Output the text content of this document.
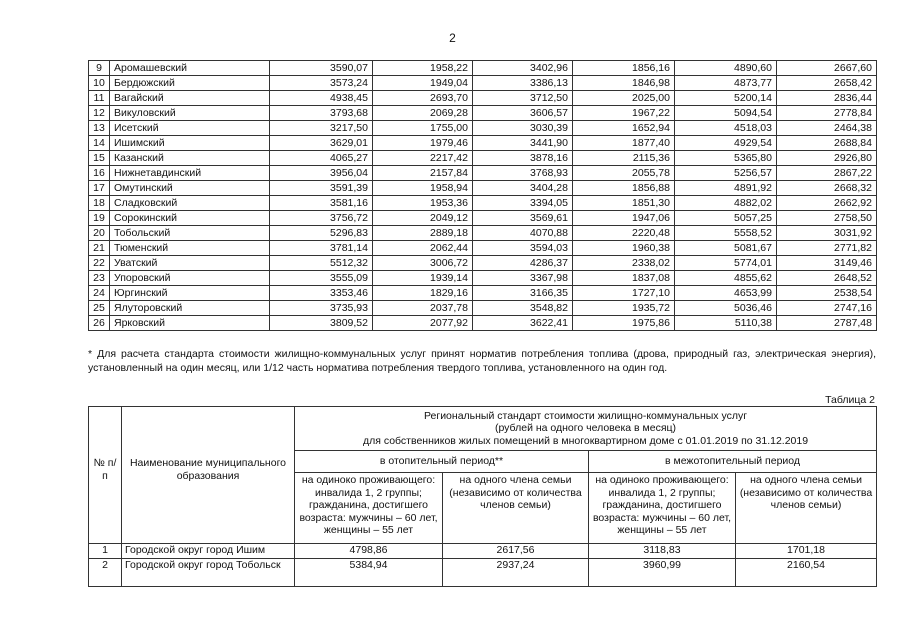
2
9	Аромашевский	3590,07	1958,22	3402,96	1856,16	4890,60	2667,60
10	Бердюжский	3573,24	1949,04	3386,13	1846,98	4873,77	2658,42
11	Вагайский	4938,45	2693,70	3712,50	2025,00	5200,14	2836,44
12	Викуловский	3793,68	2069,28	3606,57	1967,22	5094,54	2778,84
13	Исетский	3217,50	1755,00	3030,39	1652,94	4518,03	2464,38
14	Ишимский	3629,01	1979,46	3441,90	1877,40	4929,54	2688,84
15	Казанский	4065,27	2217,42	3878,16	2115,36	5365,80	2926,80
16	Нижнетавдинский	3956,04	2157,84	3768,93	2055,78	5256,57	2867,22
17	Омутинский	3591,39	1958,94	3404,28	1856,88	4891,92	2668,32
18	Сладковский	3581,16	1953,36	3394,05	1851,30	4882,02	2662,92
19	Сорокинский	3756,72	2049,12	3569,61	1947,06	5057,25	2758,50
20	Тобольский	5296,83	2889,18	4070,88	2220,48	5558,52	3031,92
21	Тюменский	3781,14	2062,44	3594,03	1960,38	5081,67	2771,82
22	Уватский	5512,32	3006,72	4286,37	2338,02	5774,01	3149,46
23	Упоровский	3555,09	1939,14	3367,98	1837,08	4855,62	2648,52
24	Юргинский	3353,46	1829,16	3166,35	1727,10	4653,99	2538,54
25	Ялуторовский	3735,93	2037,78	3548,82	1935,72	5036,46	2747,16
26	Ярковский	3809,52	2077,92	3622,41	1975,86	5110,38	2787,48
* Для расчета стандарта стоимости жилищно-коммунальных услуг принят норматив потребления топлива (дрова, природный газ, электрическая энергия), установленный на один месяц, или 1/12 часть норматива потребления твердого топлива, установленного на один год.
Таблица 2
№ п/п	Наименование муниципального образования	Региональный стандарт стоимости жилищно-коммунальных услуг
(рублей на одного человека в месяц)
для собственников жилых помещений в многоквартирном доме с 01.01.2019 по 31.12.2019			

		в отопительный период**		в межотопительный период	
		на одиноко проживающего: инвалида 1, 2 группы; гражданина, достигшего возраста: мужчины – 60 лет, женщины – 55 лет	на одного члена семьи (независимо от количества членов семьи)	на одиноко проживающего: инвалида 1, 2 группы; гражданина, достигшего возраста: мужчины – 60 лет, женщины – 55 лет	на одного члена семьи (независимо от количества членов семьи)

1	Городской округ город Ишим	4798,86	2617,56	3118,83	1701,18
2	Городской округ город Тобольск	5384,94	2937,24	3960,99	2160,54
